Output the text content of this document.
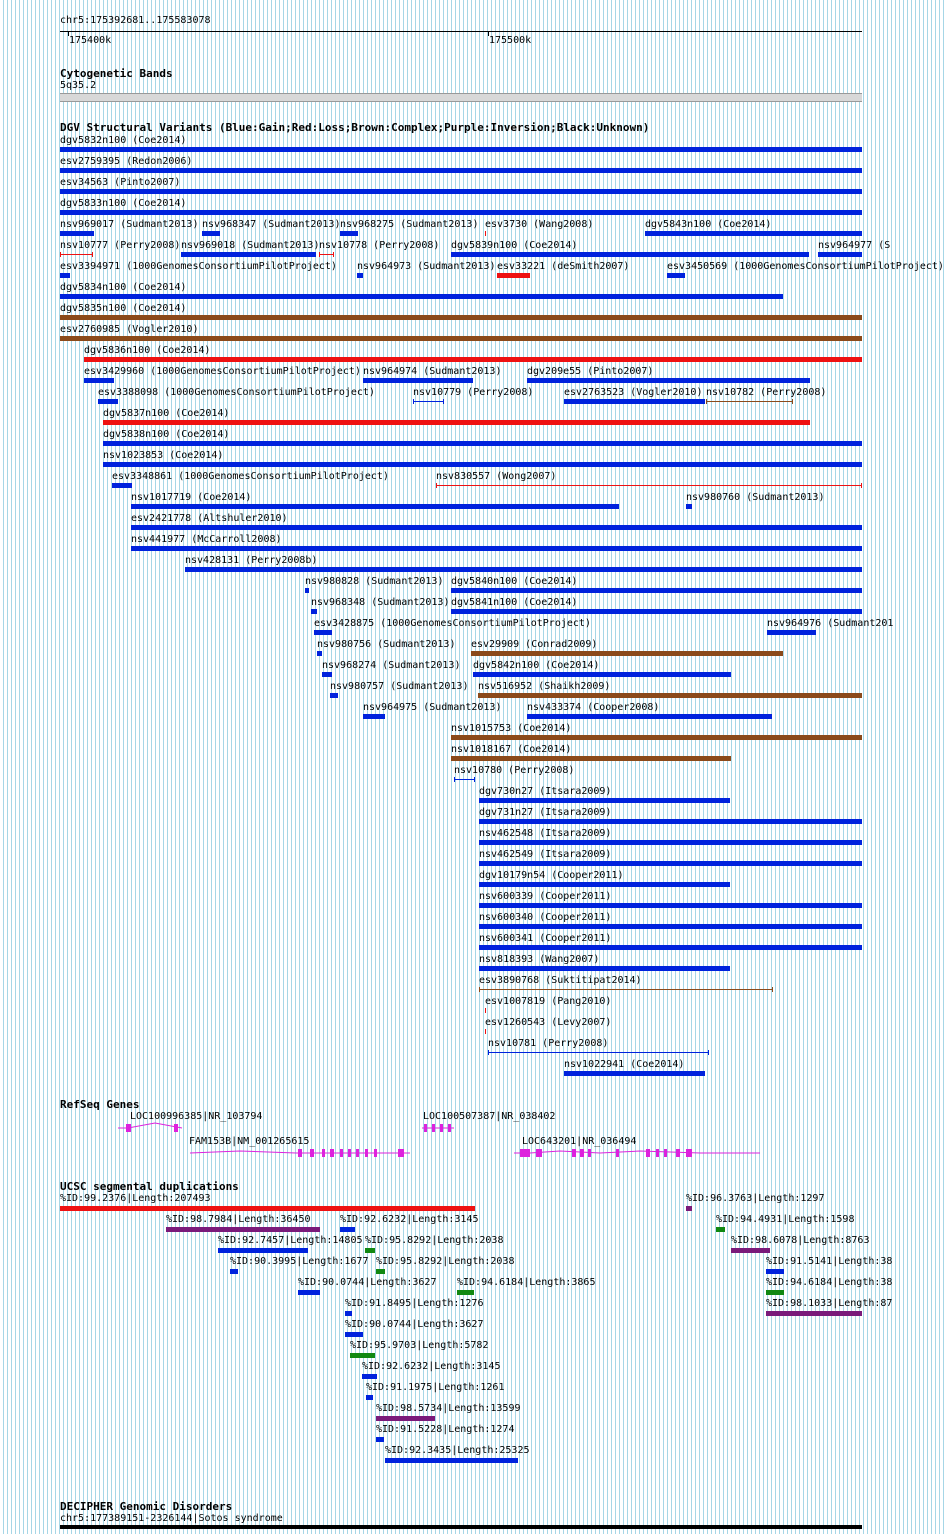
chr5:175392681..175583078
175400k	175500k
Cytogenetic Bands
5q35.2
DGV Structural Variants (Blue:Gain;Red:Loss;Brown:Complex;Purple:Inversion;Black:Unknown)
dgv5832n100 (Coe2014)
esv2759395 (Redon2006)
esv34563 (Pinto2007)
dgv5833n100 (Coe2014)
nsv969017 (Sudmant2013) nsv968347 (Sudmant2013) nsv968275 (Sudmant2013) esv3730 (Wang2008)	dgv5843n100 (Coe2014)
nsv10777 (Perry2008) nsv969018 (Sudmant2013) nsv10778 (Perry2008) dgv5839n100 (Coe2014)	nsv964977 (S
esv3394971 (1000GenomesConsortiumPilotProject) nsv964973 (Sudmant2013) esv33221 (deSmith2007)	esv3450569 (1000GenomesConsortiumPilotProject)
dgv5834n100 (Coe2014)
dgv5835n100 (Coe2014)
esv2760985 (Vogler2010)
dgv5836n100 (Coe2014)
esv3429960 (1000GenomesConsortiumPilotProject) nsv964974 (Sudmant2013)	dgv209e55 (Pinto2007)
esv3388098 (1000GenomesConsortiumPilotProject)	nsv10779 (Perry2008)	esv2763523 (Vogler2010) nsv10782 (Perry2008)
dgv5837n100 (Coe2014)
dgv5838n100 (Coe2014)
nsv1023853 (Coe2014)
esv3348861 (1000GenomesConsortiumPilotProject)	nsv830557 (Wong2007)
nsv1017719 (Coe2014)	nsv980760 (Sudmant2013)
esv2421778 (Altshuler2010)
nsv441977 (McCarroll2008)
nsv428131 (Perry2008b)
nsv980828 (Sudmant2013) dgv5840n100 (Coe2014)
nsv968348 (Sudmant2013) dgv5841n100 (Coe2014)
esv3428875 (1000GenomesConsortiumPilotProject)	nsv964976 (Sudmant201
nsv980756 (Sudmant2013) esv29909 (Conrad2009)
nsv968274 (Sudmant2013) dgv5842n100 (Coe2014)
nsv980757 (Sudmant2013) nsv516952 (Shaikh2009)
nsv964975 (Sudmant2013)	nsv433374 (Cooper2008)
nsv1015753 (Coe2014)
nsv1018167 (Coe2014)
nsv10780 (Perry2008)
dgv730n27 (Itsara2009)
dgv731n27 (Itsara2009)
nsv462548 (Itsara2009)
nsv462549 (Itsara2009)
dgv10179n54 (Cooper2011)
nsv600339 (Cooper2011)
nsv600340 (Cooper2011)
nsv600341 (Cooper2011)
nsv818393 (Wang2007)
esv3890768 (Suktitipat2014)
esv1007819 (Pang2010)
esv1260543 (Levy2007)
nsv10781 (Perry2008)
nsv1022941 (Coe2014)
RefSeq Genes
LOC100996385|NR_103794	LOC100507387|NR_038402
FAM153B|NM_001265615	LOC643201|NR_036494
UCSC segmental duplications
%ID:99.2376|Length:207493	%ID:96.3763|Length:1297
%ID:98.7984|Length:36450	%ID:92.6232|Length:3145	%ID:94.4931|Length:1598
%ID:92.7457|Length:14805 %ID:95.8292|Length:2038	%ID:98.6078|Length:8763
%ID:90.3995|Length:1677 %ID:95.8292|Length:2038	%ID:91.5141|Length:38
%ID:90.0744|Length:3627 %ID:94.6184|Length:3865	%ID:94.6184|Length:38
%ID:91.8495|Length:1276	%ID:98.1033|Length:87
%ID:90.0744|Length:3627
%ID:95.9703|Length:5782
%ID:92.6232|Length:3145
%ID:91.1975|Length:1261
%ID:98.5734|Length:13599
%ID:91.5228|Length:1274
%ID:92.3435|Length:25325
DECIPHER Genomic Disorders
chr5:177389151-2326144|Sotos syndrome
